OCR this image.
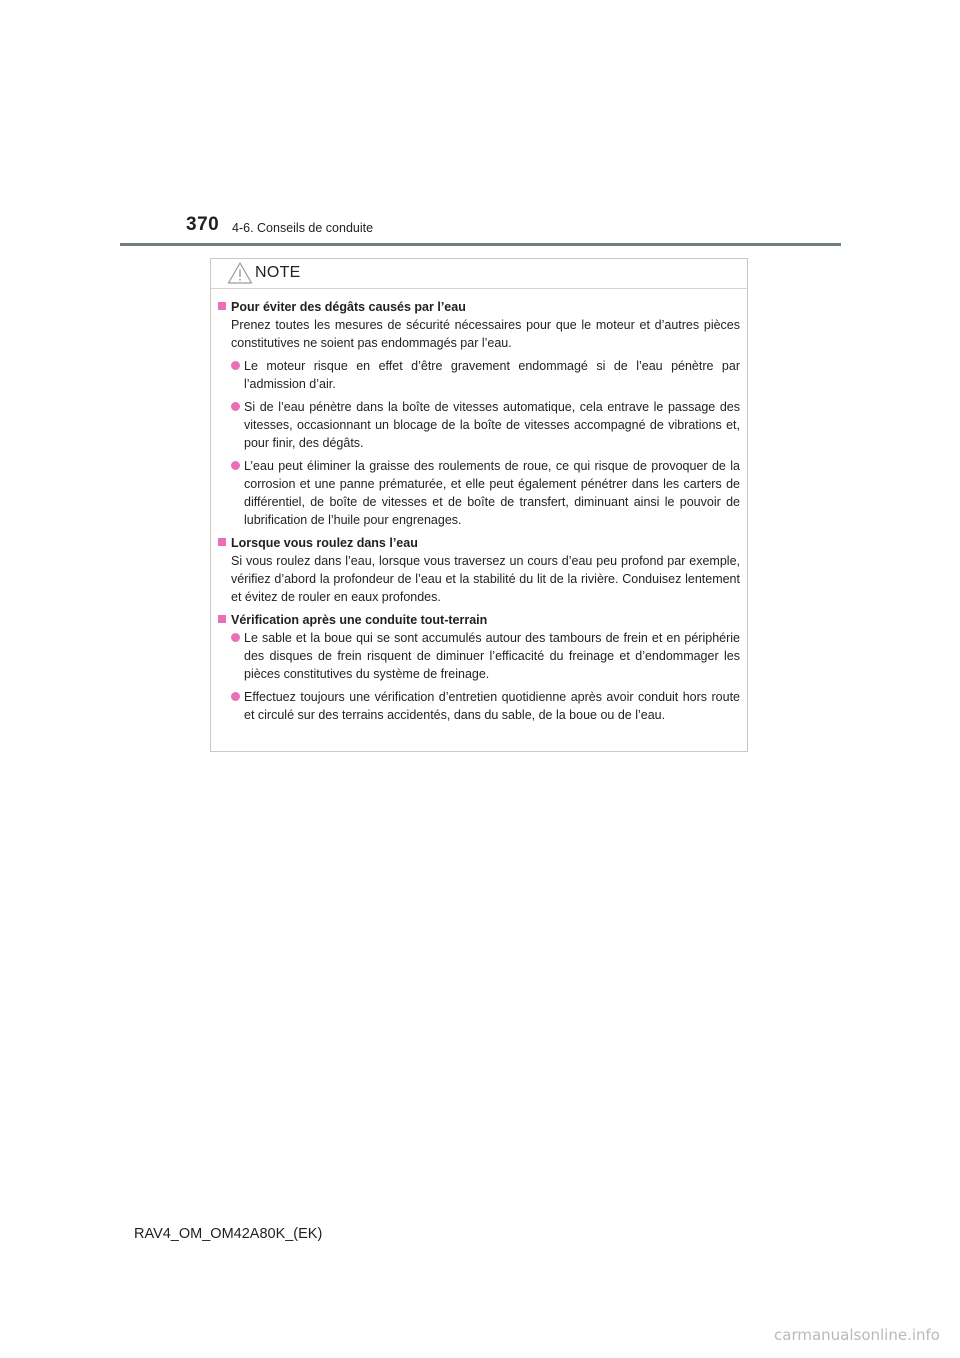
370 4-6. Conseils de conduite
NOTE
Pour éviter des dégâts causés par l’eau
Prenez toutes les mesures de sécurité nécessaires pour que le moteur et d’autres pièces constitutives ne soient pas endommagés par l’eau.
Le moteur risque en effet d’être gravement endommagé si de l’eau pénètre par l’admission d’air.
Si de l’eau pénètre dans la boîte de vitesses automatique, cela entrave le passage des vitesses, occasionnant un blocage de la boîte de vitesses accompagné de vibrations et, pour finir, des dégâts.
L’eau peut éliminer la graisse des roulements de roue, ce qui risque de provoquer de la corrosion et une panne prématurée, et elle peut également pénétrer dans les carters de différentiel, de boîte de vitesses et de boîte de transfert, diminuant ainsi le pouvoir de lubrification de l’huile pour engrenages.
Lorsque vous roulez dans l’eau
Si vous roulez dans l’eau, lorsque vous traversez un cours d’eau peu profond par exemple, vérifiez d’abord la profondeur de l’eau et la stabilité du lit de la rivière. Conduisez lentement et évitez de rouler en eaux profondes.
Vérification après une conduite tout-terrain
Le sable et la boue qui se sont accumulés autour des tambours de frein et en périphérie des disques de frein risquent de diminuer l’efficacité du freinage et d’endommager les pièces constitutives du système de freinage.
Effectuez toujours une vérification d’entretien quotidienne après avoir conduit hors route et circulé sur des terrains accidentés, dans du sable, de la boue ou de l’eau.
RAV4_OM_OM42A80K_(EK)
carmanualsonline.info
